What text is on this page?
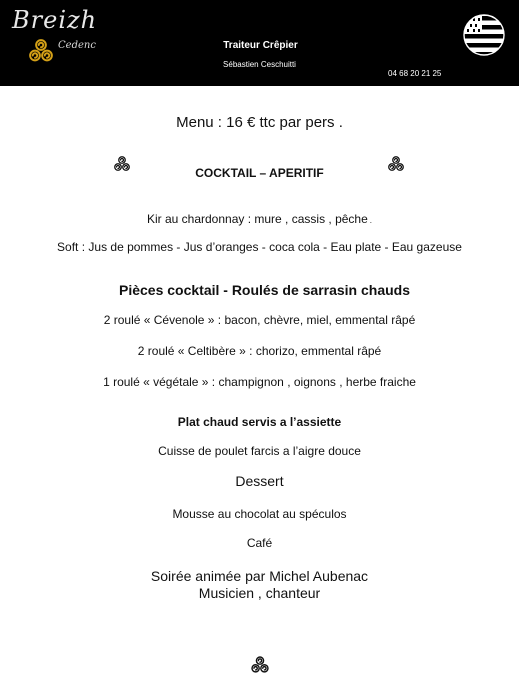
Breizh
Cedenc	Traiteur Crêpier
Sébastien Ceschuitti
04 68 20 21 25
Menu : 16 € ttc par pers .
COCKTAIL – APERITIF
Kir au chardonnay : mure , cassis , pêche .
Soft : Jus de pommes - Jus d’oranges - coca cola - Eau plate - Eau gazeuse
Pièces cocktail - Roulés de sarrasin chauds
2 roulé « Cévenole » : bacon, chèvre, miel, emmental râpé
2 roulé « Celtibère » : chorizo, emmental râpé
1 roulé « végétale » : champignon , oignons , herbe fraiche
Plat chaud servis a l’assiette
Cuisse de poulet farcis a l’aigre douce
Dessert
Mousse au chocolat au spéculos
Café
Soirée animée par Michel Aubenac
Musicien , chanteur
